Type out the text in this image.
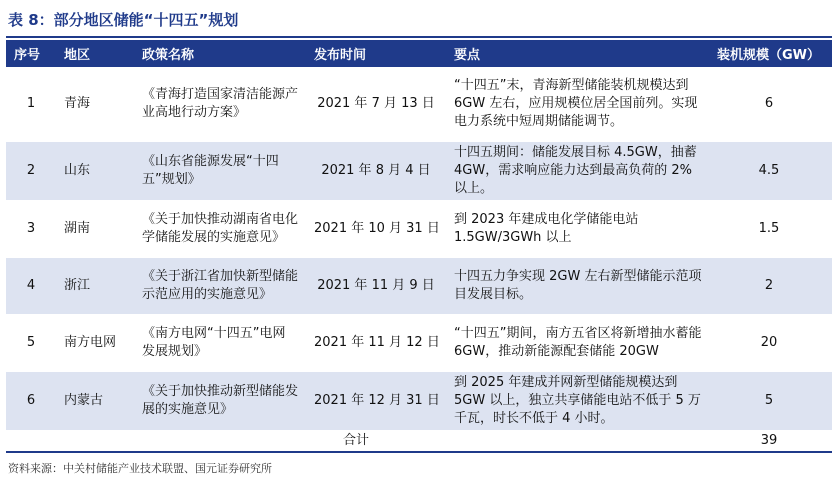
表 8：部分地区储能“十四五”规划
序号	地区	政策名称	发布时间	要点	装机规模（GW）
1	青海	《青海打造国家清洁能源产业高地行动方案》	2021 年 7 月 13 日	“十四五”末，青海新型储能装机规模达到 6GW 左右，应用规模位居全国前列。实现电力系统中短周期储能调节。	6
2	山东	《山东省能源发展“十四五”规划》	2021 年 8 月 4 日	十四五期间：储能发展目标 4.5GW，抽蓄 4GW，需求响应能力达到最高负荷的 2%以上。	4.5
3	湖南	《关于加快推动湖南省电化学储能发展的实施意见》	2021 年 10 月 31 日	到 2023 年建成电化学储能电站 1.5GW/3GWh 以上	1.5
4	浙江	《关于浙江省加快新型储能示范应用的实施意见》	2021 年 11 月 9 日	十四五力争实现 2GW 左右新型储能示范项目发展目标。	2
5	南方电网	《南方电网“十四五”电网发展规划》	2021 年 11 月 12 日	“十四五”期间，南方五省区将新增抽水蓄能 6GW，推动新能源配套储能 20GW	20
6	内蒙古	《关于加快推动新型储能发展的实施意见》	2021 年 12 月 31 日	到 2025 年建成并网新型储能规模达到 5GW 以上，独立共享储能电站不低于 5 万千瓦，时长不低于 4 小时。	5
合计					39
资料来源：中关村储能产业技术联盟、国元证券研究所
